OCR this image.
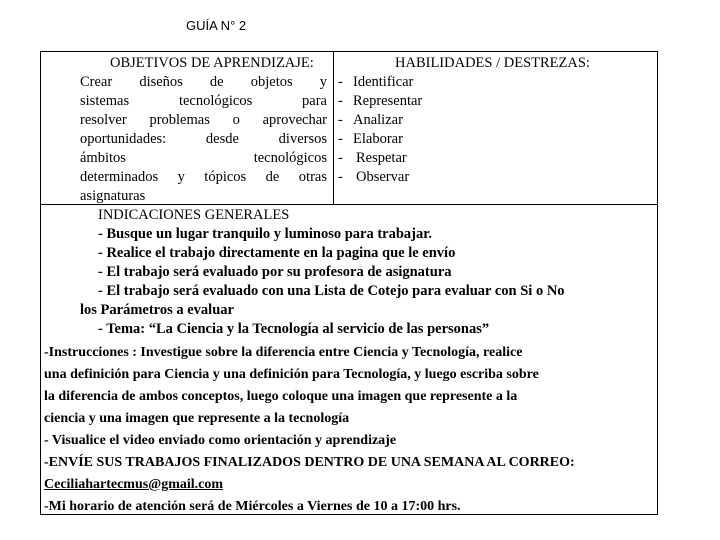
GUÍA N° 2
OBJETIVOS DE APRENDIZAJE:
Crear diseños de objetos y
sistemas tecnológicos para
resolver problemas o aprovechar
oportunidades: desde diversos
ámbitos tecnológicos
determinados y tópicos de otras
asignaturas
HABILIDADES / DESTREZAS:
- Identificar
- Representar
- Analizar
- Elaborar
- Respetar
- Observar
INDICACIONES GENERALES
- Busque un lugar tranquilo y luminoso para trabajar.
- Realice el trabajo directamente en la pagina que le envío
- El trabajo será evaluado por su profesora de asignatura
- El trabajo será evaluado con una Lista de Cotejo para evaluar con Si o No
los Parámetros a evaluar
- Tema: “La Ciencia y la Tecnología al servicio de las personas”
-Instrucciones : Investigue sobre la diferencia entre Ciencia y Tecnología, realice
una definición para Ciencia y una definición para Tecnología, y luego escriba sobre
la diferencia de ambos conceptos, luego coloque una imagen que represente a la
ciencia y una imagen que represente a la tecnología
- Visualice el video enviado como orientación y aprendizaje
-ENVÍE SUS TRABAJOS FINALIZADOS DENTRO DE UNA SEMANA AL CORREO:
Ceciliahartecmus@gmail.com
-Mi horario de atención será de Miércoles a Viernes de 10 a 17:00 hrs.
